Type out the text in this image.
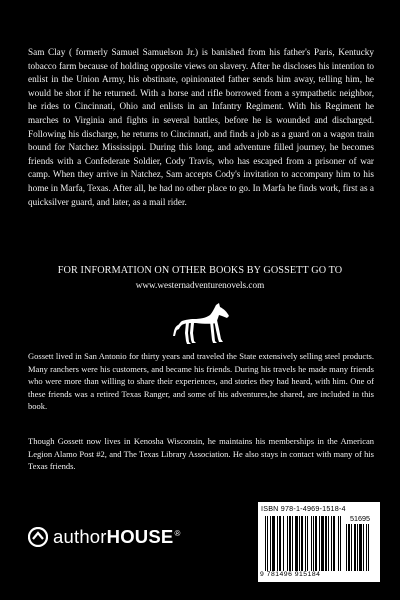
Sam Clay ( formerly Samuel Samuelson Jr.) is banished from his father's Paris, Kentucky tobacco farm because of holding opposite views on slavery. After he discloses his intention to enlist in the Union Army, his obstinate, opinionated father sends him away, telling him, he would be shot if he returned. With a horse and rifle borrowed from a sympathetic neighbor, he rides to Cincinnati, Ohio and enlists in an Infantry Regiment. With his Regiment he marches to Virginia and fights in several battles, before he is wounded and discharged. Following his discharge, he returns to Cincinnati, and finds a job as a guard on a wagon train bound for Natchez Mississippi. During this long, and adventure filled journey, he becomes friends with a Confederate Soldier, Cody Travis, who has escaped from a prisoner of war camp. When they arrive in Natchez, Sam accepts Cody's invitation to accompany him to his home in Marfa, Texas. After all, he had no other place to go. In Marfa he finds work, first as a quicksilver guard, and later, as a mail rider.

FOR INFORMATION ON OTHER BOOKS BY GOSSETT GO TO

www.westernadventurenovels.com

Gossett lived in San Antonio for thirty years and traveled the State extensively selling steel products. Many ranchers were his customers, and became his friends. During his travels he made many friends who were more than willing to share their experiences, and stories they had heard, with him. One of these friends was a retired Texas Ranger, and some of his adventures,he shared, are included in this book.

Though Gossett now lives in Kenosha Wisconsin, he maintains his memberships in the American Legion Alamo Post #2, and The Texas Library Association. He also stays in contact with many of his Texas friends.

authorHOUSE®
ISBN 978-1-4969-1518-4
51695
9 781496 915184
